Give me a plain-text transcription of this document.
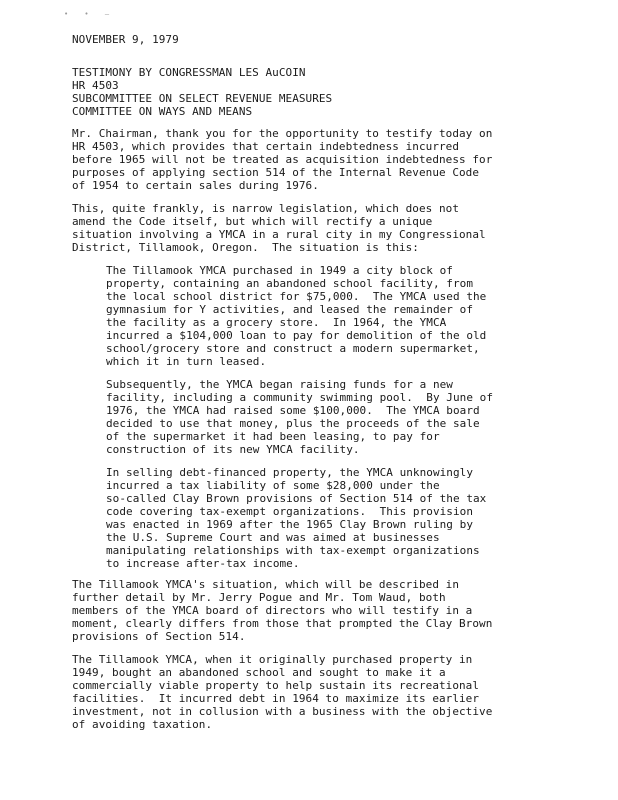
• • –
NOVEMBER 9, 1979
TESTIMONY BY CONGRESSMAN LES AuCOIN
HR 4503
SUBCOMMITTEE ON SELECT REVENUE MEASURES
COMMITTEE ON WAYS AND MEANS
Mr. Chairman, thank you for the opportunity to testify today on
HR 4503, which provides that certain indebtedness incurred
before 1965 will not be treated as acquisition indebtedness for
purposes of applying section 514 of the Internal Revenue Code
of 1954 to certain sales during 1976.
This, quite frankly, is narrow legislation, which does not
amend the Code itself, but which will rectify a unique
situation involving a YMCA in a rural city in my Congressional
District, Tillamook, Oregon.  The situation is this:
The Tillamook YMCA purchased in 1949 a city block of
property, containing an abandoned school facility, from
the local school district for $75,000.  The YMCA used the
gymnasium for Y activities, and leased the remainder of
the facility as a grocery store.  In 1964, the YMCA
incurred a $104,000 loan to pay for demolition of the old
school/grocery store and construct a modern supermarket,
which it in turn leased.
Subsequently, the YMCA began raising funds for a new
facility, including a community swimming pool.  By June of
1976, the YMCA had raised some $100,000.  The YMCA board
decided to use that money, plus the proceeds of the sale
of the supermarket it had been leasing, to pay for
construction of its new YMCA facility.
In selling debt-financed property, the YMCA unknowingly
incurred a tax liability of some $28,000 under the
so-called Clay Brown provisions of Section 514 of the tax
code covering tax-exempt organizations.  This provision
was enacted in 1969 after the 1965 Clay Brown ruling by
the U.S. Supreme Court and was aimed at businesses
manipulating relationships with tax-exempt organizations
to increase after-tax income.
The Tillamook YMCA's situation, which will be described in
further detail by Mr. Jerry Pogue and Mr. Tom Waud, both
members of the YMCA board of directors who will testify in a
moment, clearly differs from those that prompted the Clay Brown
provisions of Section 514.
The Tillamook YMCA, when it originally purchased property in
1949, bought an abandoned school and sought to make it a
commercially viable property to help sustain its recreational
facilities.  It incurred debt in 1964 to maximize its earlier
investment, not in collusion with a business with the objective
of avoiding taxation.
